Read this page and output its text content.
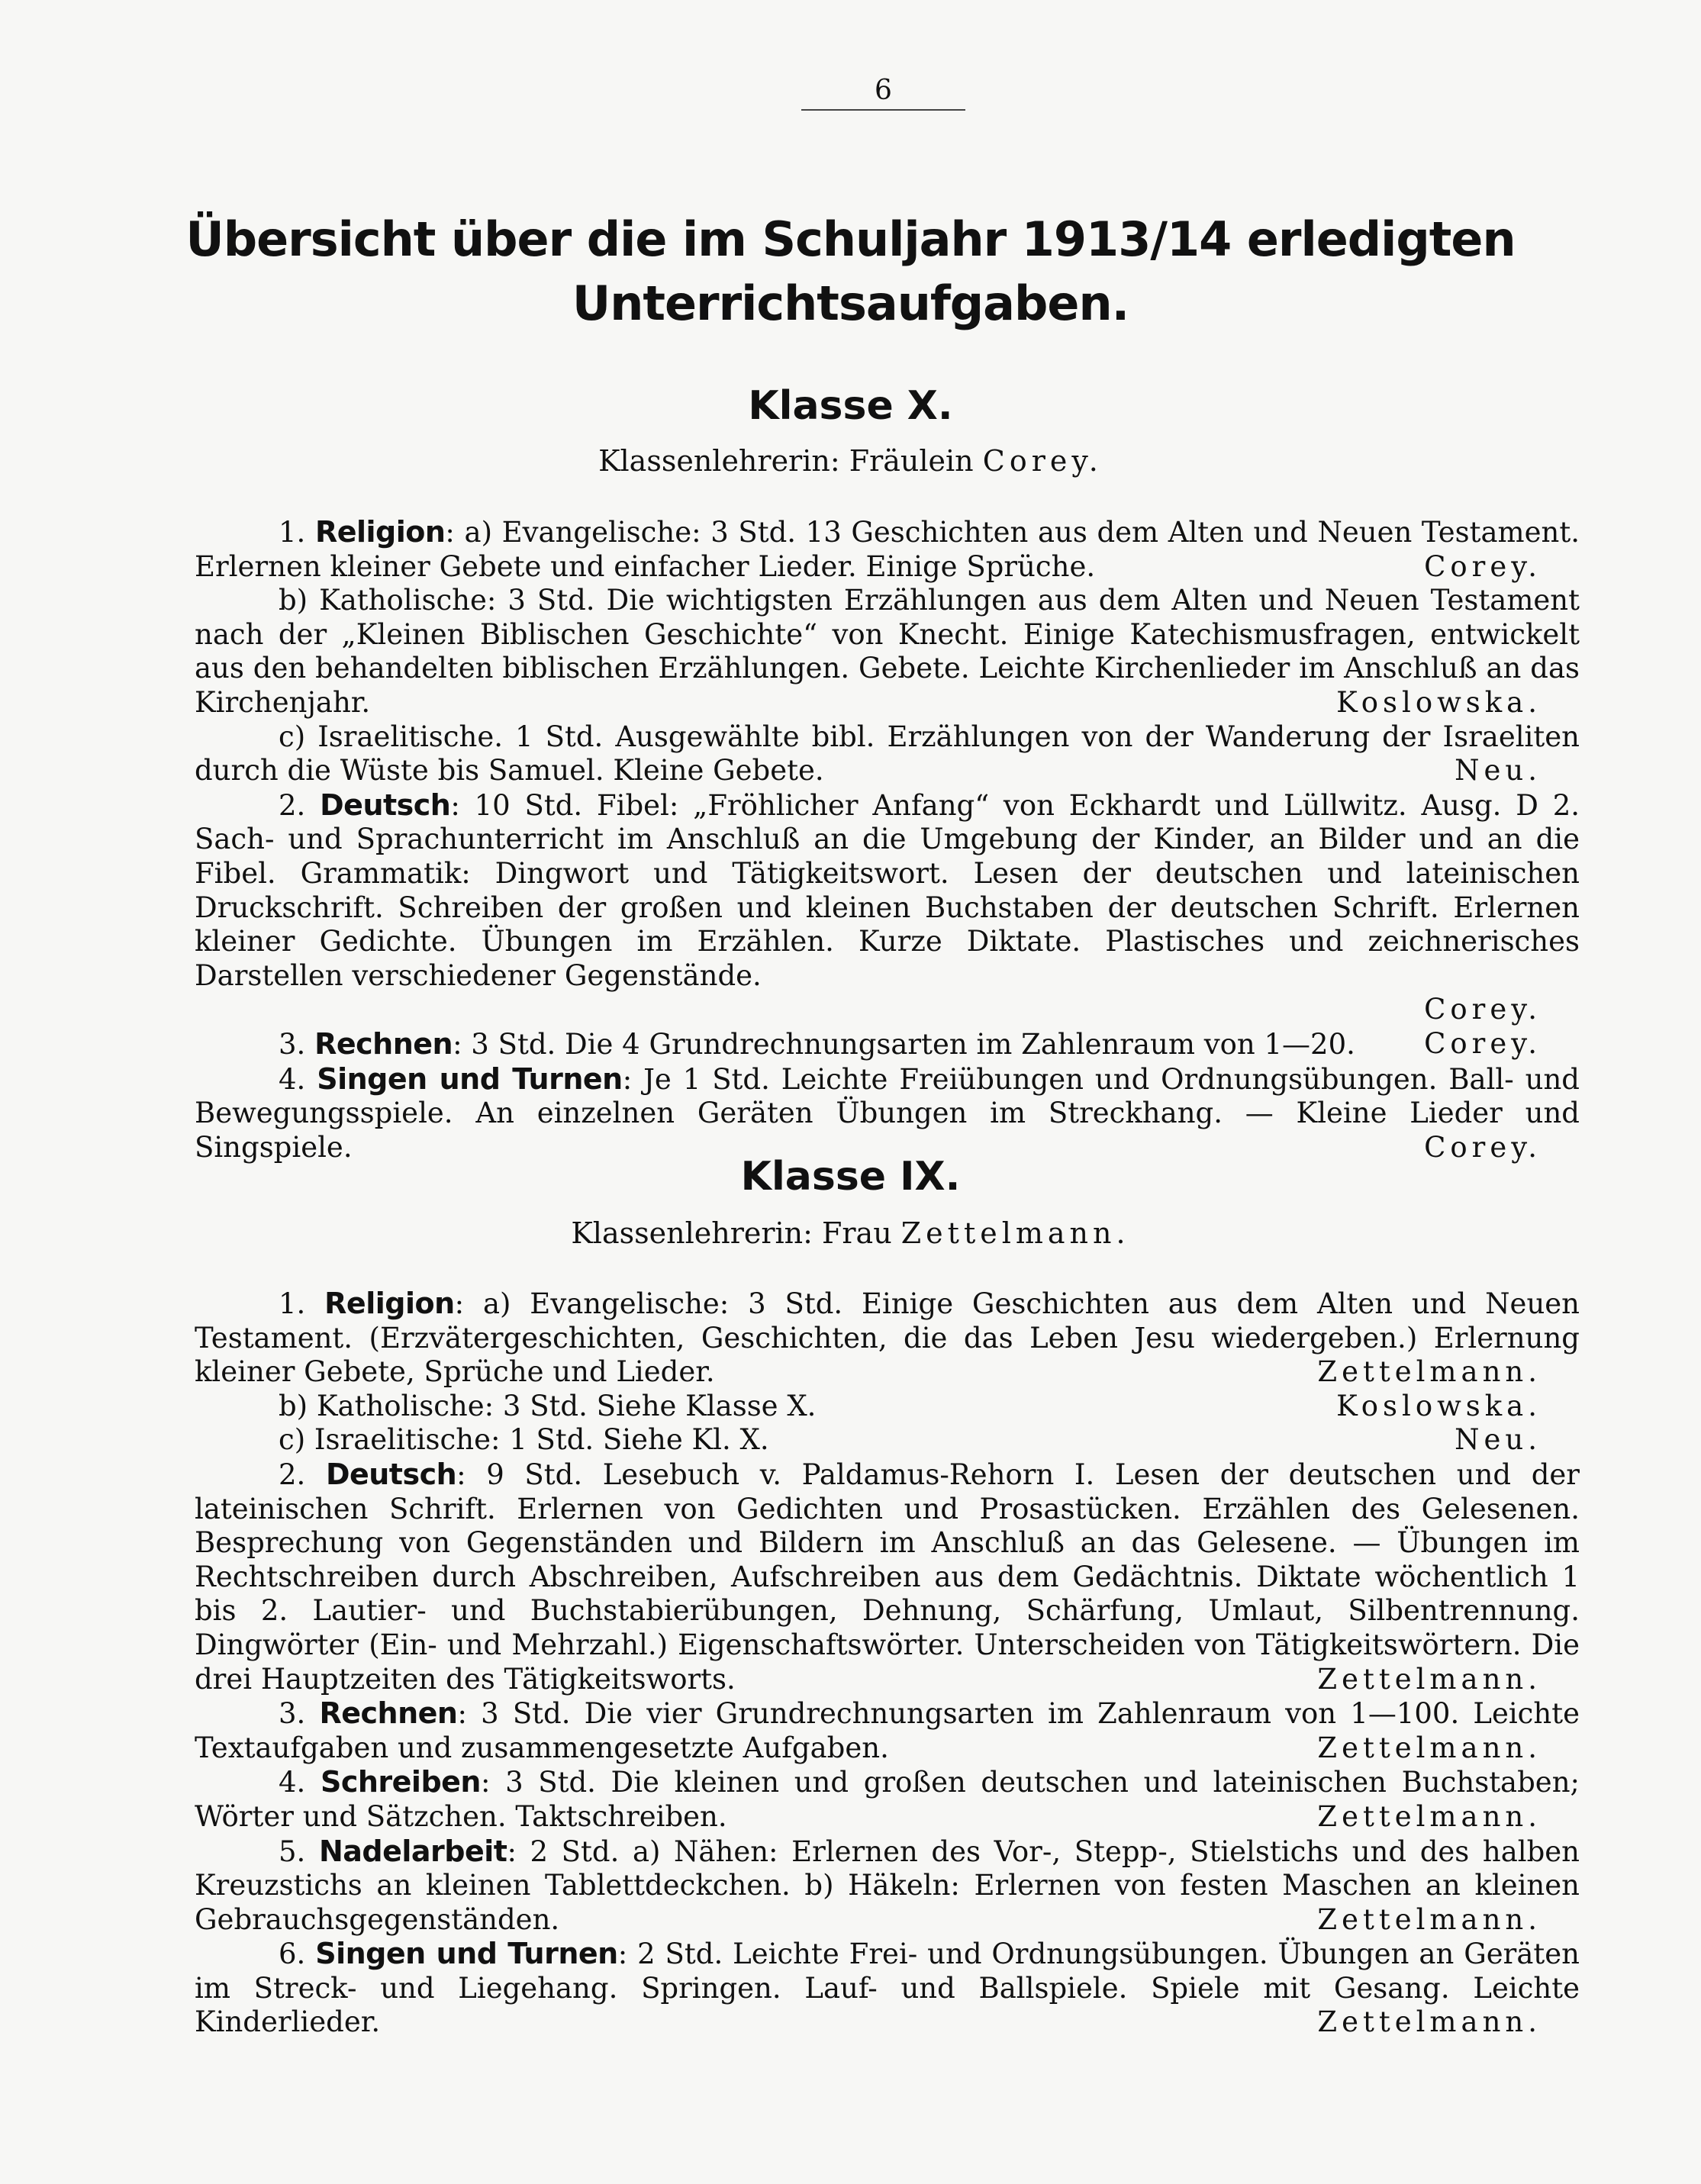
6
Übersicht über die im Schuljahr 1913/14 erledigten
Unterrichtsaufgaben.
Klasse X.
Klassenlehrerin: Fräulein Corey.

1. Religion: a) Evangelische: 3 Std. 13 Geschichten aus dem Alten und Neuen Testament. Erlernen kleiner Gebete und einfacher Lieder. Einige Sprüche.	Corey.

b) Katholische: 3 Std. Die wichtigsten Erzählungen aus dem Alten und Neuen Testament nach der „Kleinen Biblischen Geschichte“ von Knecht. Einige Katechismusfragen, entwickelt aus den behandelten biblischen Erzählungen. Gebete. Leichte Kirchenlieder im Anschluß an das Kirchenjahr.	Koslowska.

c) Israelitische. 1 Std. Ausgewählte bibl. Erzählungen von der Wanderung der Israeliten durch die Wüste bis Samuel. Kleine Gebete.	Neu.

2. Deutsch: 10 Std. Fibel: „Fröhlicher Anfang“ von Eckhardt und Lüllwitz. Ausg. D 2. Sach- und Sprachunterricht im Anschluß an die Umgebung der Kinder, an Bilder und an die Fibel. Grammatik: Dingwort und Tätigkeitswort. Lesen der deutschen und lateinischen Druckschrift. Schreiben der großen und kleinen Buchstaben der deutschen Schrift. Erlernen kleiner Gedichte. Übungen im Erzählen. Kurze Diktate. Plastisches und zeichnerisches Darstellen verschiedener Gegenstände.
Corey.

3. Rechnen: 3 Std. Die 4 Grundrechnungsarten im Zahlenraum von 1—20. Corey.

4. Singen und Turnen: Je 1 Std. Leichte Freiübungen und Ordnungsübungen. Ball- und Bewegungsspiele. An einzelnen Geräten Übungen im Streckhang. — Kleine Lieder und Singspiele.	Corey.

Klasse IX.
Klassenlehrerin: Frau Zettelmann.

1. Religion: a) Evangelische: 3 Std. Einige Geschichten aus dem Alten und Neuen Testament. (Erzvätergeschichten, Geschichten, die das Leben Jesu wiedergeben.) Erlernung kleiner Gebete, Sprüche und Lieder.	Zettelmann.

b) Katholische: 3 Std. Siehe Klasse X.	Koslowska.

c) Israelitische: 1 Std. Siehe Kl. X.	Neu.

2. Deutsch: 9 Std. Lesebuch v. Paldamus-Rehorn I. Lesen der deutschen und der lateinischen Schrift. Erlernen von Gedichten und Prosastücken. Erzählen des Gelesenen. Besprechung von Gegenständen und Bildern im Anschluß an das Gelesene. — Übungen im Rechtschreiben durch Abschreiben, Aufschreiben aus dem Gedächtnis. Diktate wöchentlich 1 bis 2. Lautier- und Buchstabierübungen, Dehnung, Schärfung, Umlaut, Silbentrennung. Dingwörter (Ein- und Mehrzahl.) Eigenschaftswörter. Unterscheiden von Tätigkeitswörtern. Die drei Hauptzeiten des Tätigkeitsworts.	Zettelmann.

3. Rechnen: 3 Std. Die vier Grundrechnungsarten im Zahlenraum von 1—100. Leichte Textaufgaben und zusammengesetzte Aufgaben.	Zettelmann.

4. Schreiben: 3 Std. Die kleinen und großen deutschen und lateinischen Buchstaben; Wörter und Sätzchen. Taktschreiben.	Zettelmann.

5. Nadelarbeit: 2 Std. a) Nähen: Erlernen des Vor-, Stepp-, Stielstichs und des halben Kreuzstichs an kleinen Tablettdeckchen. b) Häkeln: Erlernen von festen Maschen an kleinen Gebrauchsgegenständen.	Zettelmann.

6. Singen und Turnen: 2 Std. Leichte Frei- und Ordnungsübungen. Übungen an Geräten im Streck- und Liegehang. Springen. Lauf- und Ballspiele. Spiele mit Gesang. Leichte Kinderlieder.	Zettelmann.
